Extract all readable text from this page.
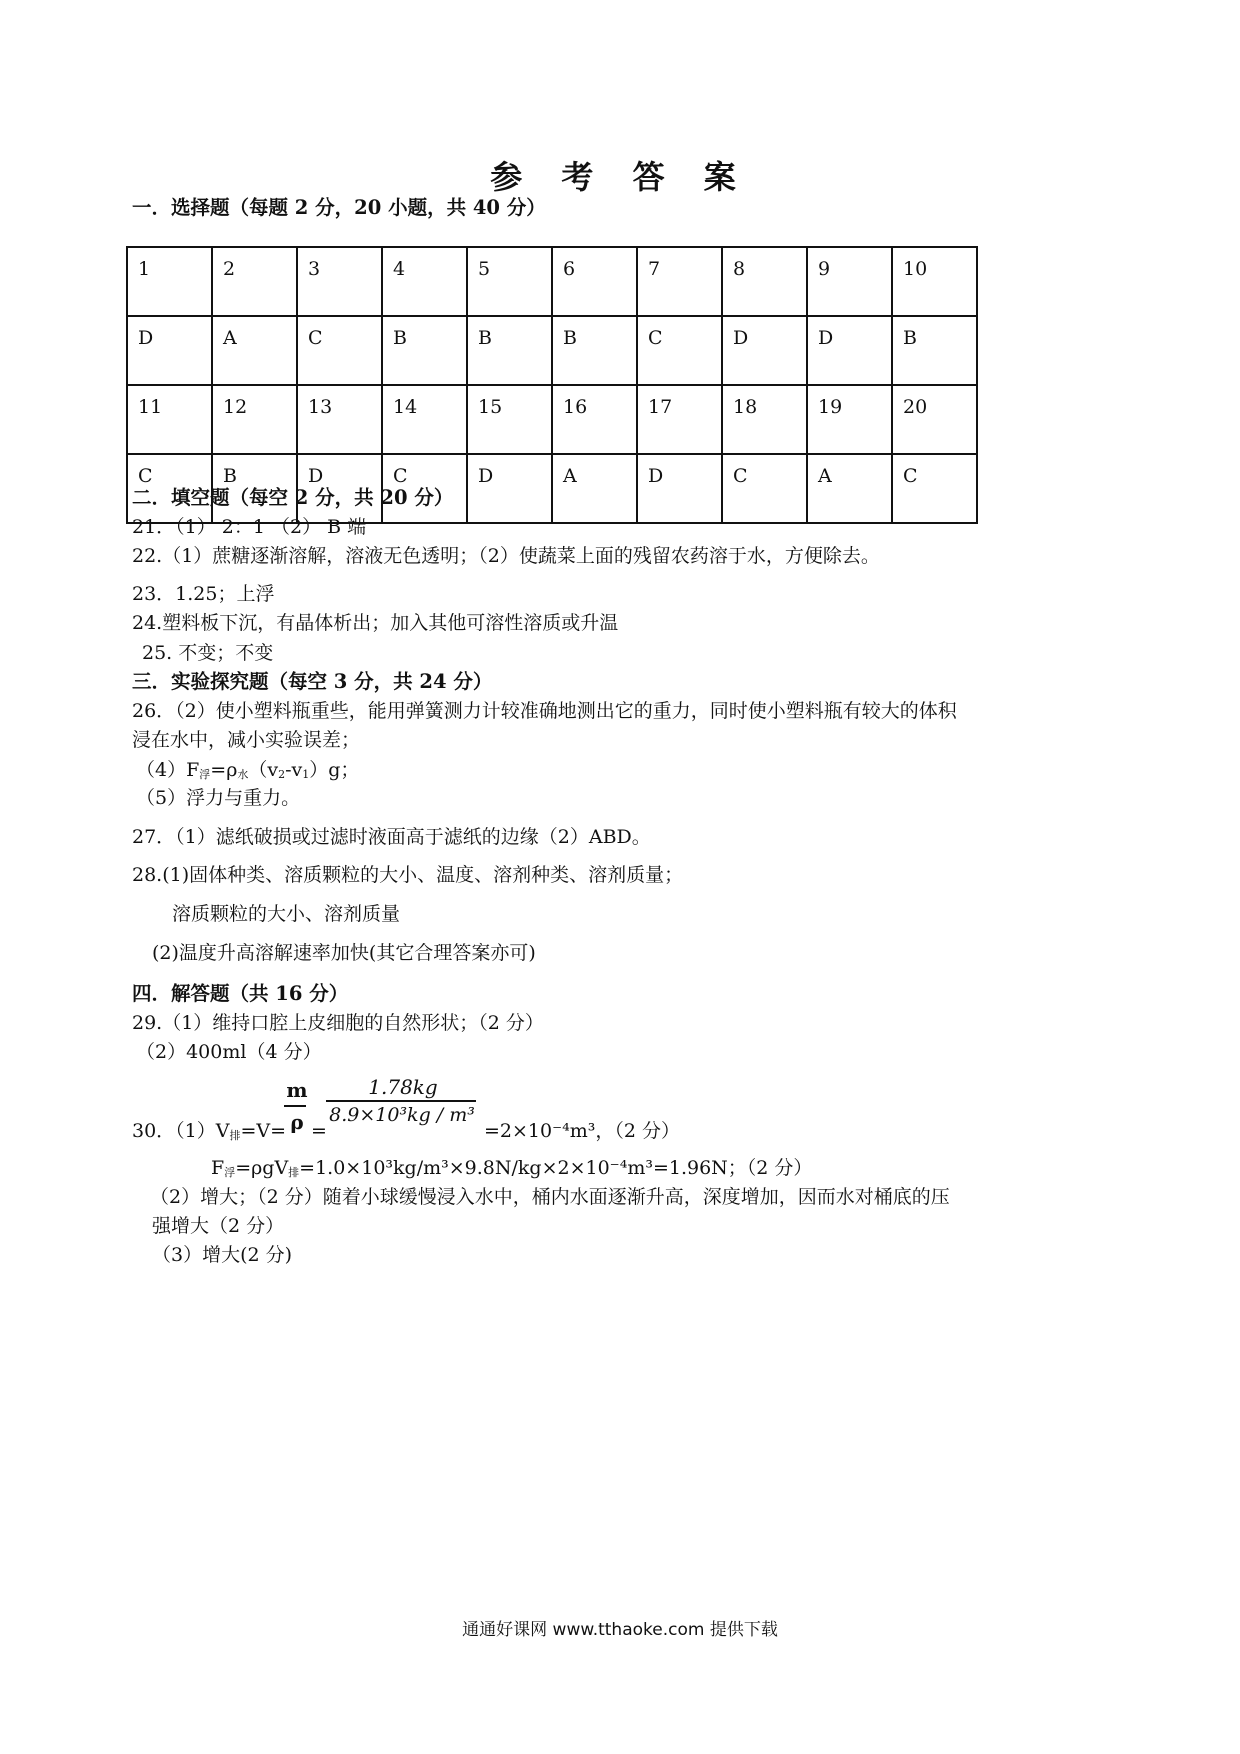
参 考 答 案
一．选择题（每题 2 分，20 小题，共 40 分）
1	2	3	4	5	6	7	8	9	10
D	A	C	B	B	B	C	D	D	B
11	12	13	14	15	16	17	18	19	20
C	B	D	C	D	A	D	C	A	C
二．填空题（每空 2 分，共 20 分）
21．（1） 2：1 （2） B 端
22.（1）蔗糖逐渐溶解，溶液无色透明；（2）使蔬菜上面的残留农药溶于水，方便除去。
23．1.25；上浮
24.塑料板下沉，有晶体析出；加入其他可溶性溶质或升温
25. 不变；不变
三．实验探究题（每空 3 分，共 24 分）
26．（2）使小塑料瓶重些，能用弹簧测力计较准确地测出它的重力，同时使小塑料瓶有较大的体积
浸在水中，减小实验误差；
（4）F浮=ρ水（v2-v1）g；
（5）浮力与重力。
27．（1）滤纸破损或过滤时液面高于滤纸的边缘（2）ABD。
28.(1)固体种类、溶质颗粒的大小、温度、溶剂种类、溶剂质量；
溶质颗粒的大小、溶剂质量
(2)温度升高溶解速率加快(其它合理答案亦可)
四．解答题（共 16 分）
29.（1）维持口腔上皮细胞的自然形状；（2 分）
（2）400ml（4 分）
30．（1）V排=V=
m
ρ =
1.78kg
8.9×10³kg / m³
=2×10⁻⁴m³，（2 分）
F浮=ρgV排=1.0×10³kg/m³×9.8N/kg×2×10⁻⁴m³=1.96N；（2 分）
（2）增大；（2 分）随着小球缓慢浸入水中，桶内水面逐渐升高，深度增加，因而水对桶底的压
强增大（2 分）
（3）增大(2 分)
通通好课网 www.tthaoke.com 提供下载
